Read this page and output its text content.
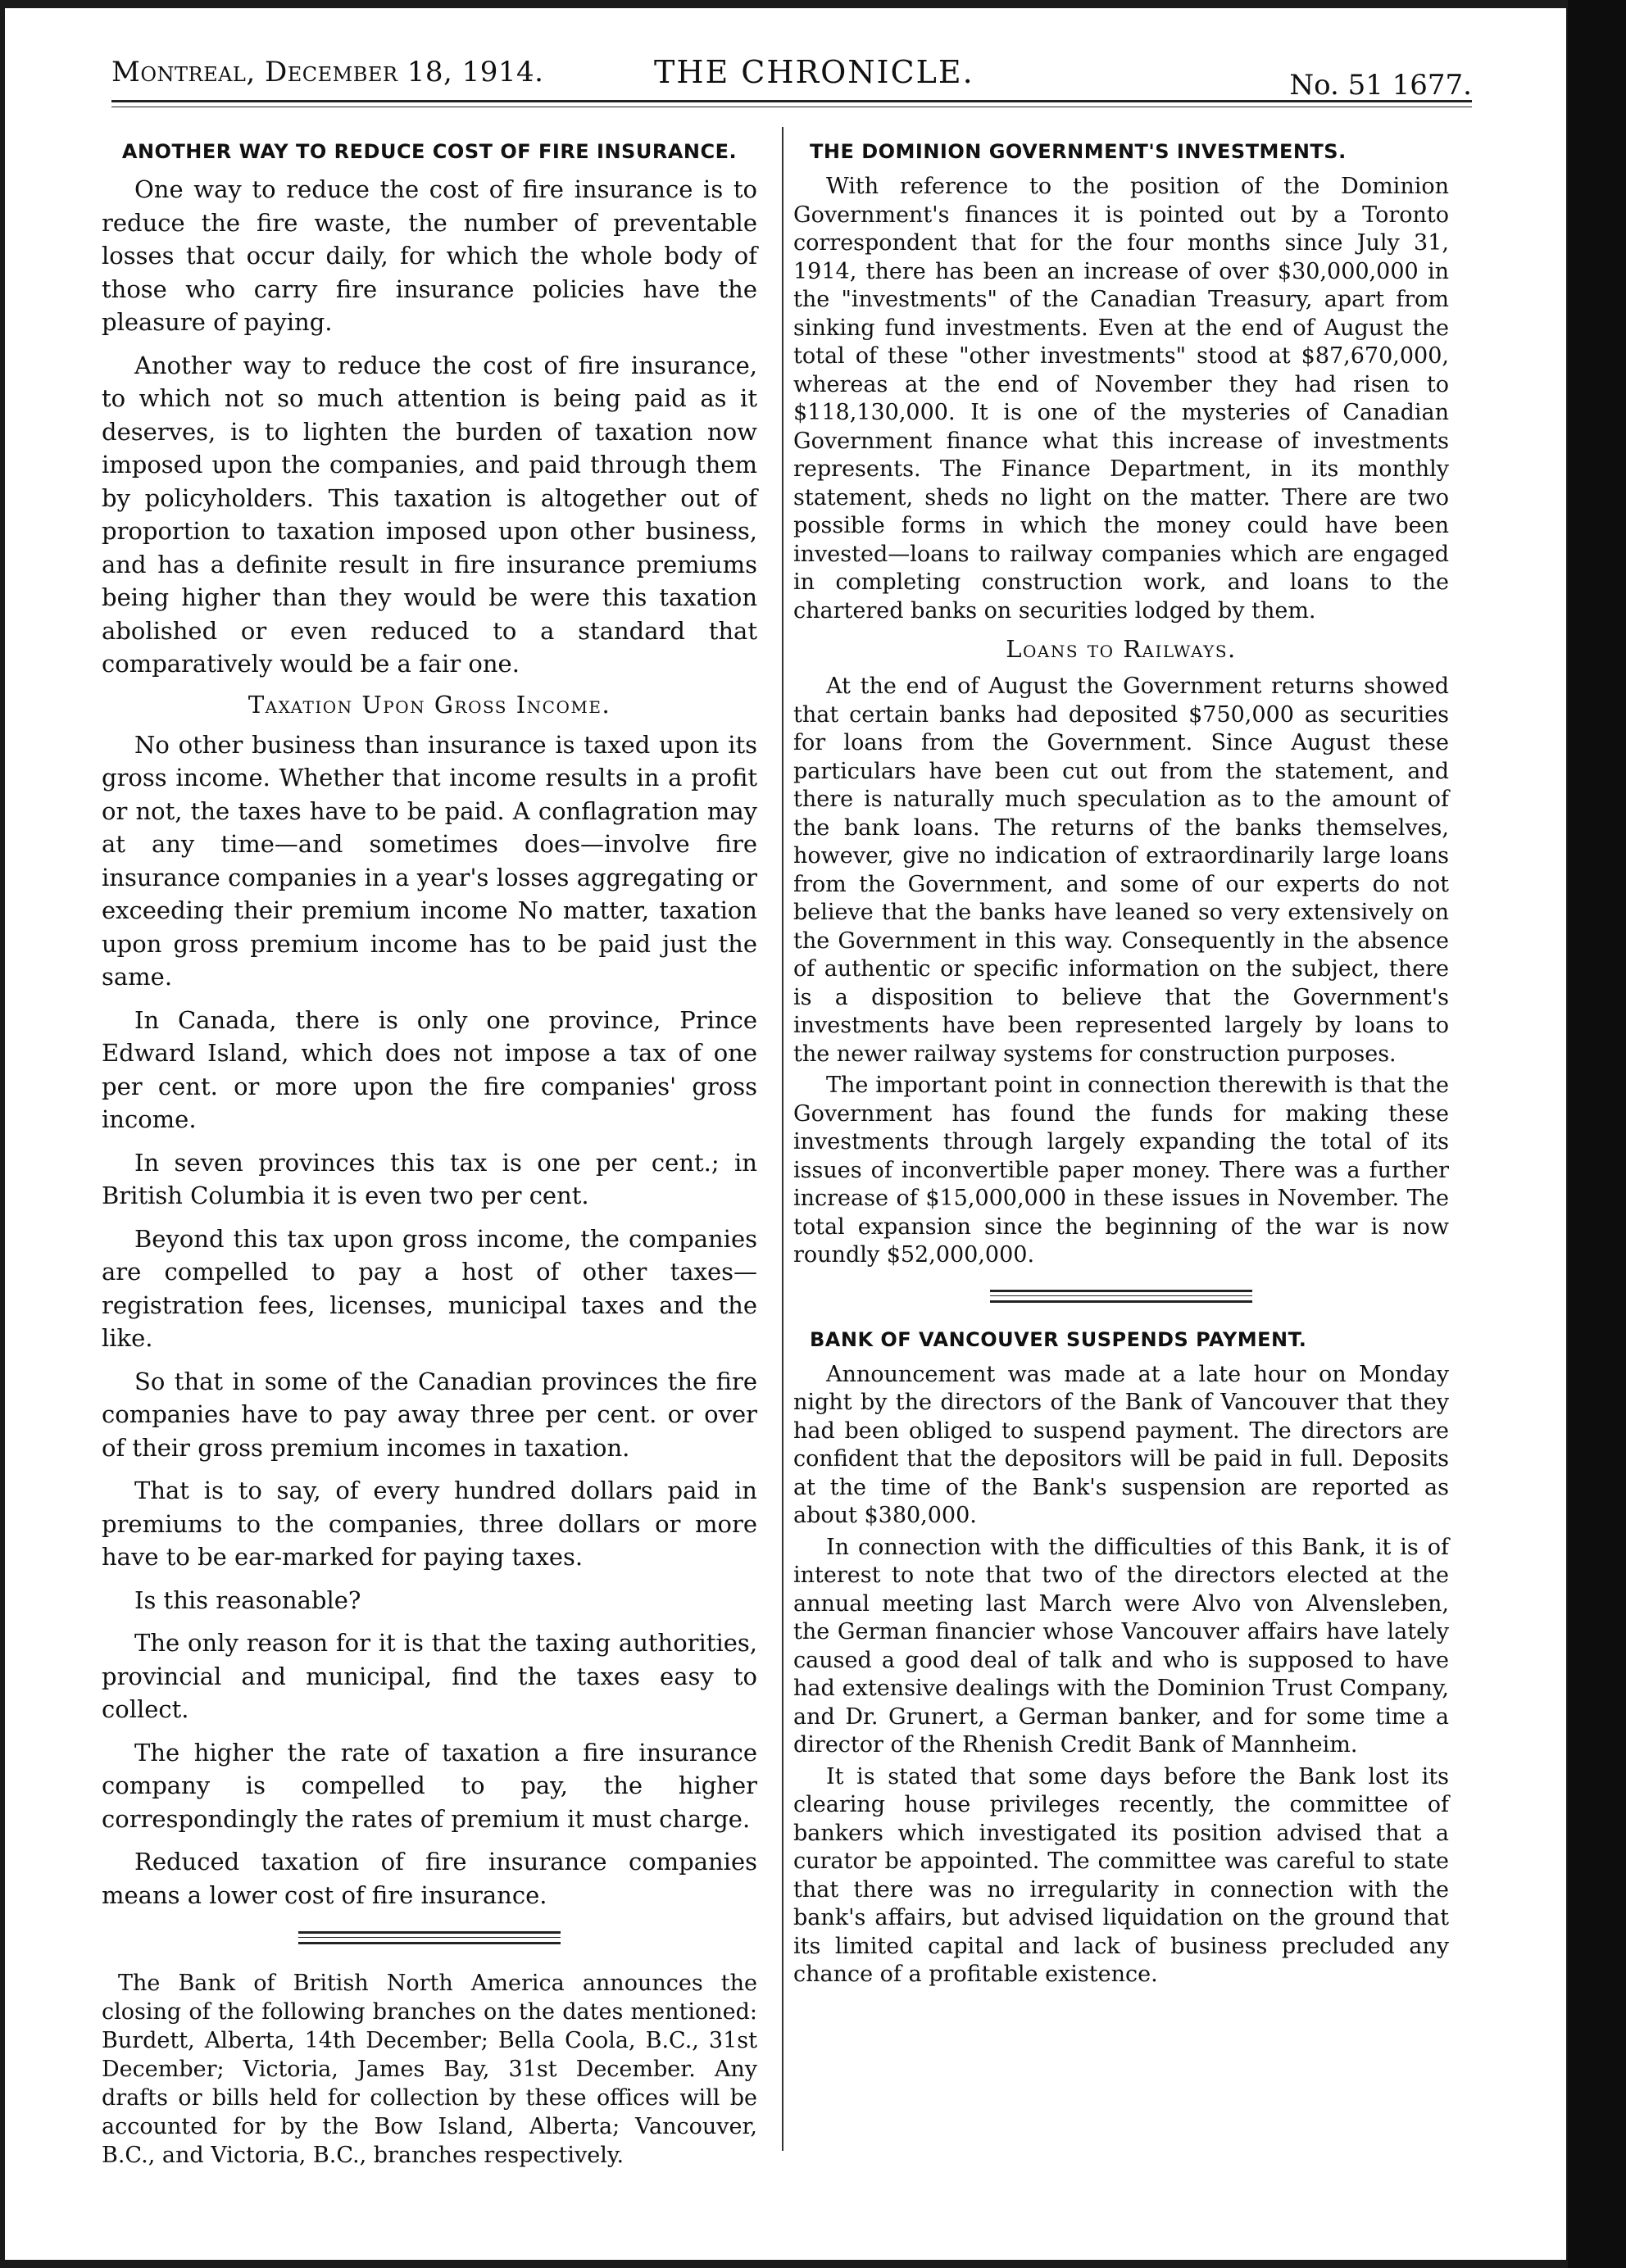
Montreal, December 18, 1914.	THE CHRONICLE.	No. 51 1677.
ANOTHER WAY TO REDUCE COST OF FIRE INSURANCE.

One way to reduce the cost of fire insurance is to reduce the fire waste, the number of preventable losses that occur daily, for which the whole body of those who carry fire insurance policies have the pleasure of paying.

Another way to reduce the cost of fire insurance, to which not so much attention is being paid as it deserves, is to lighten the burden of taxation now imposed upon the companies, and paid through them by policyholders. This taxation is altogether out of proportion to taxation imposed upon other business, and has a definite result in fire insurance premiums being higher than they would be were this taxation abolished or even reduced to a standard that comparatively would be a fair one.

Taxation Upon Gross Income.

No other business than insurance is taxed upon its gross income. Whether that income results in a profit or not, the taxes have to be paid. A conflagration may at any time—and sometimes does—involve fire insurance companies in a year's losses aggregating or exceeding their premium income No matter, taxation upon gross premium income has to be paid just the same.

In Canada, there is only one province, Prince Edward Island, which does not impose a tax of one per cent. or more upon the fire companies' gross income.

In seven provinces this tax is one per cent.; in British Columbia it is even two per cent.

Beyond this tax upon gross income, the companies are compelled to pay a host of other taxes—registration fees, licenses, municipal taxes and the like.

So that in some of the Canadian provinces the fire companies have to pay away three per cent. or over of their gross premium incomes in taxation.

That is to say, of every hundred dollars paid in premiums to the companies, three dollars or more have to be ear-marked for paying taxes.

Is this reasonable?

The only reason for it is that the taxing authorities, provincial and municipal, find the taxes easy to collect.

The higher the rate of taxation a fire insurance company is compelled to pay, the higher correspondingly the rates of premium it must charge.

Reduced taxation of fire insurance companies means a lower cost of fire insurance.

The Bank of British North America announces the closing of the following branches on the dates mentioned: Burdett, Alberta, 14th December; Bella Coola, B.C., 31st December; Victoria, James Bay, 31st December. Any drafts or bills held for collection by these offices will be accounted for by the Bow Island, Alberta; Vancouver, B.C., and Victoria, B.C., branches respectively.

THE DOMINION GOVERNMENT'S INVESTMENTS.

With reference to the position of the Dominion Government's finances it is pointed out by a Toronto correspondent that for the four months since July 31, 1914, there has been an increase of over $30,000,000 in the "investments" of the Canadian Treasury, apart from sinking fund investments. Even at the end of August the total of these "other investments" stood at $87,670,000, whereas at the end of November they had risen to $118,130,000. It is one of the mysteries of Canadian Government finance what this increase of investments represents. The Finance Department, in its monthly statement, sheds no light on the matter. There are two possible forms in which the money could have been invested—loans to railway companies which are engaged in completing construction work, and loans to the chartered banks on securities lodged by them.

Loans to Railways.

At the end of August the Government returns showed that certain banks had deposited $750,000 as securities for loans from the Government. Since August these particulars have been cut out from the statement, and there is naturally much speculation as to the amount of the bank loans. The returns of the banks themselves, however, give no indication of extraordinarily large loans from the Government, and some of our experts do not believe that the banks have leaned so very extensively on the Government in this way. Consequently in the absence of authentic or specific information on the subject, there is a disposition to believe that the Government's investments have been represented largely by loans to the newer railway systems for construction purposes.

The important point in connection therewith is that the Government has found the funds for making these investments through largely expanding the total of its issues of inconvertible paper money. There was a further increase of $15,000,000 in these issues in November. The total expansion since the beginning of the war is now roundly $52,000,000.

BANK OF VANCOUVER SUSPENDS PAYMENT.

Announcement was made at a late hour on Monday night by the directors of the Bank of Vancouver that they had been obliged to suspend payment. The directors are confident that the depositors will be paid in full. Deposits at the time of the Bank's suspension are reported as about $380,000.

In connection with the difficulties of this Bank, it is of interest to note that two of the directors elected at the annual meeting last March were Alvo von Alvensleben, the German financier whose Vancouver affairs have lately caused a good deal of talk and who is supposed to have had extensive dealings with the Dominion Trust Company, and Dr. Grunert, a German banker, and for some time a director of the Rhenish Credit Bank of Mannheim.

It is stated that some days before the Bank lost its clearing house privileges recently, the committee of bankers which investigated its position advised that a curator be appointed. The committee was careful to state that there was no irregularity in connection with the bank's affairs, but advised liquidation on the ground that its limited capital and lack of business precluded any chance of a profitable existence.
